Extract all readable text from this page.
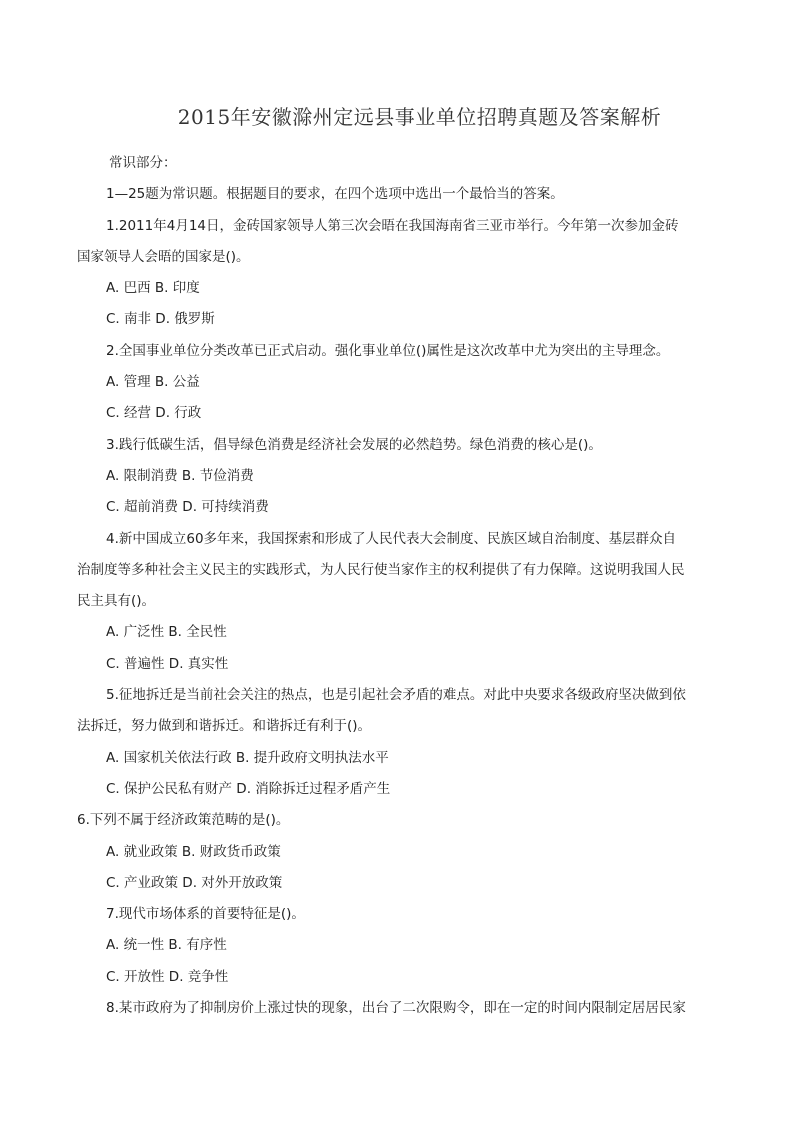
2015年安徽滁州定远县事业单位招聘真题及答案解析
常识部分：
1—25题为常识题。根据题目的要求，在四个选项中选出一个最恰当的答案。
1.2011年4月14日，金砖国家领导人第三次会晤在我国海南省三亚市举行。今年第一次参加金砖
国家领导人会晤的国家是()。
A. 巴西 B. 印度
C. 南非 D. 俄罗斯
2.全国事业单位分类改革已正式启动。强化事业单位()属性是这次改革中尤为突出的主导理念。
A. 管理 B. 公益
C. 经营 D. 行政
3.践行低碳生活，倡导绿色消费是经济社会发展的必然趋势。绿色消费的核心是()。
A. 限制消费 B. 节俭消费
C. 超前消费 D. 可持续消费
4.新中国成立60多年来，我国探索和形成了人民代表大会制度、民族区域自治制度、基层群众自
治制度等多种社会主义民主的实践形式，为人民行使当家作主的权利提供了有力保障。这说明我国人民
民主具有()。
A. 广泛性 B. 全民性
C. 普遍性 D. 真实性
5.征地拆迁是当前社会关注的热点，也是引起社会矛盾的难点。对此中央要求各级政府坚决做到依
法拆迁，努力做到和谐拆迁。和谐拆迁有利于()。
A. 国家机关依法行政 B. 提升政府文明执法水平
C. 保护公民私有财产 D. 消除拆迁过程矛盾产生
6.下列不属于经济政策范畴的是()。
A. 就业政策 B. 财政货币政策
C. 产业政策 D. 对外开放政策
7.现代市场体系的首要特征是()。
A. 统一性 B. 有序性
C. 开放性 D. 竞争性
8.某市政府为了抑制房价上涨过快的现象，出台了二次限购令，即在一定的时间内限制定居居民家
